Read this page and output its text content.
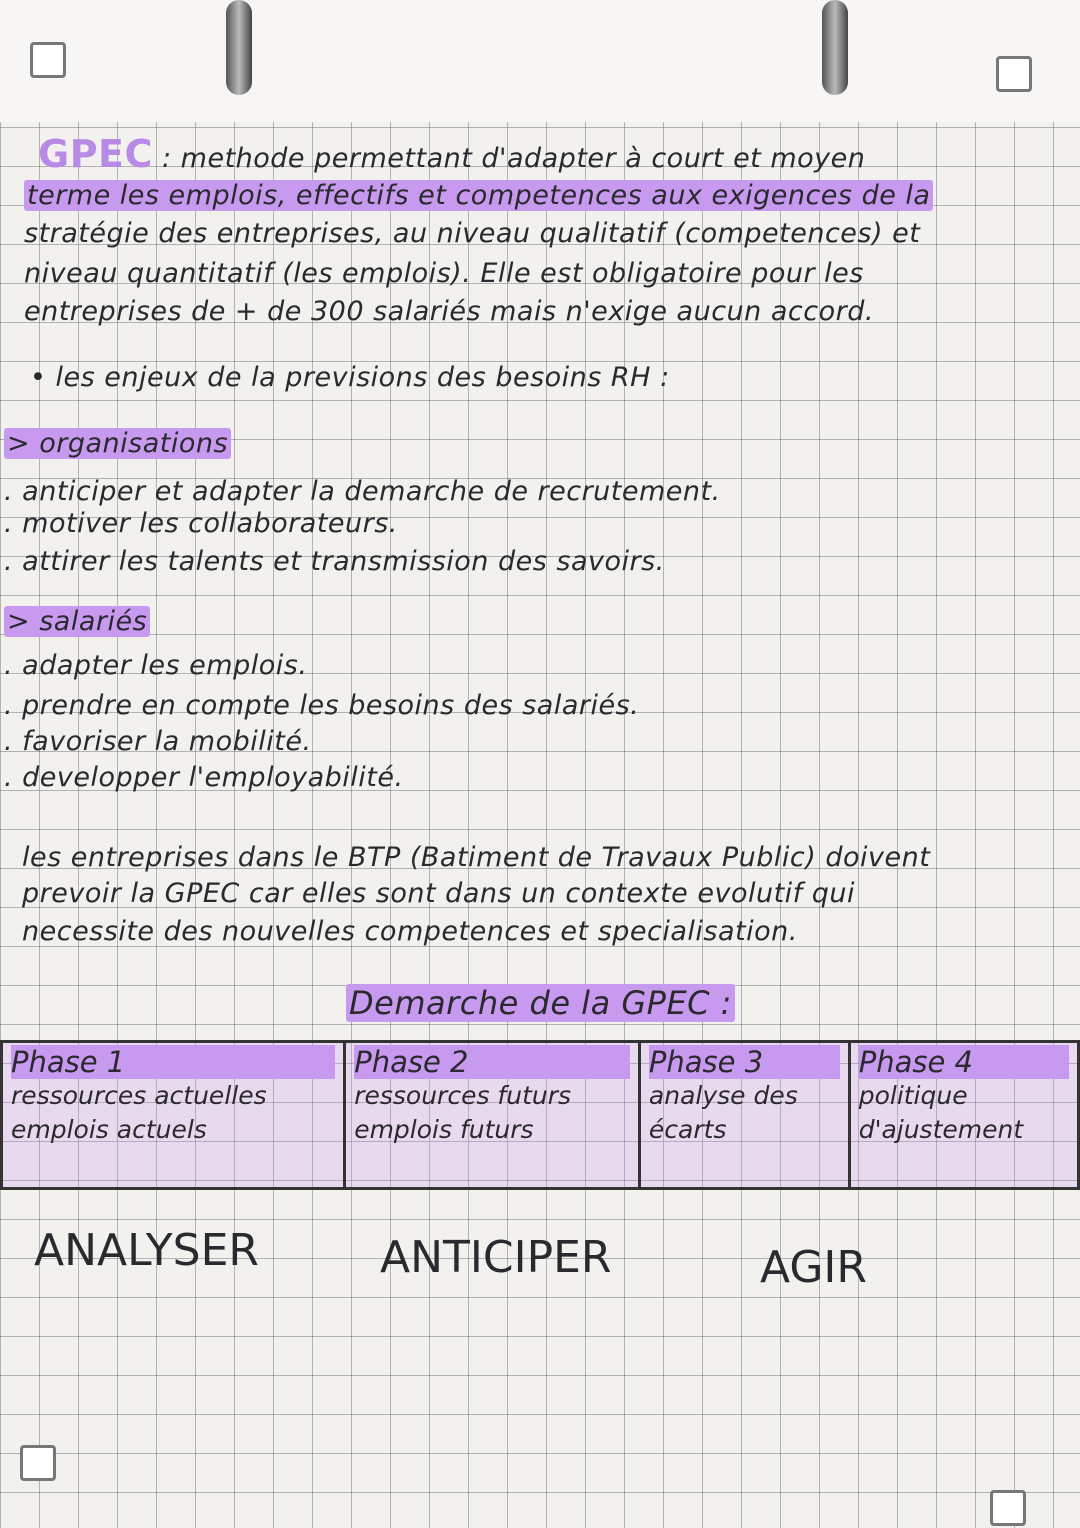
GPEC : methode permettant d'adapter à court et moyen
terme les emplois, effectifs et competences aux exigences de la
stratégie des entreprises, au niveau qualitatif (competences) et
niveau quantitatif (les emplois). Elle est obligatoire pour les
entreprises de + de 300 salariés mais n'exige aucun accord.
• les enjeux de la previsions des besoins RH :
> organisations
. anticiper et adapter la demarche de recrutement.
. motiver les collaborateurs.
. attirer les talents et transmission des savoirs.
> salariés
. adapter les emplois.
. prendre en compte les besoins des salariés.
. favoriser la mobilité.
. developper l'employabilité.
les entreprises dans le BTP (Batiment de Travaux Public) doivent
prevoir la GPEC car elles sont dans un contexte evolutif qui
necessite des nouvelles competences et specialisation.
Demarche de la GPEC :
Phase 1
ressources actuelles
emplois actuels

Phase 2
ressources futurs
emplois futurs

Phase 3
analyse des
écarts

Phase 4
politique
d'ajustement
ANALYSER	ANTICIPER	AGIR
